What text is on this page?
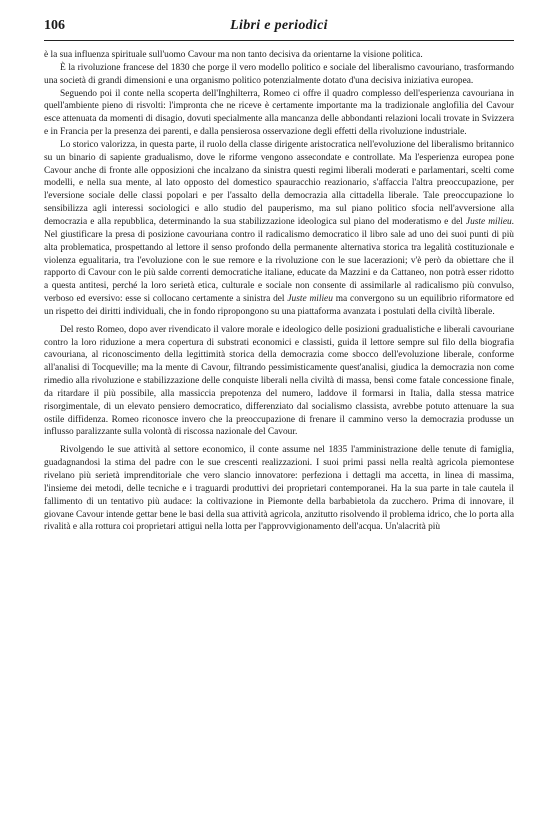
106	Libri e periodici

è la sua influenza spirituale sull'uomo Cavour ma non tanto decisiva da orientarne la visione politica.

È la rivoluzione francese del 1830 che porge il vero modello politico e sociale del liberalismo cavouriano, trasformando una società di grandi dimensioni e una organismo politico potenzialmente dotato d'una decisiva iniziativa europea.

Seguendo poi il conte nella scoperta dell'Inghilterra, Romeo ci offre il quadro complesso dell'esperienza cavouriana in quell'ambiente pieno di risvolti: l'impronta che ne riceve è certamente importante ma la tradizionale anglofilia del Cavour esce attenuata da momenti di disagio, dovuti specialmente alla mancanza delle abbondanti relazioni locali trovate in Svizzera e in Francia per la presenza dei parenti, e dalla pensierosa osservazione degli effetti della rivoluzione industriale.

Lo storico valorizza, in questa parte, il ruolo della classe dirigente aristocratica nell'evoluzione del liberalismo britannico su un binario di sapiente gradualismo, dove le riforme vengono assecondate e controllate. Ma l'esperienza europea pone Cavour anche di fronte alle opposizioni che incalzano da sinistra questi regimi liberali moderati e parlamentari, scelti come modelli, e nella sua mente, al lato opposto del domestico spauracchio reazionario, s'affaccia l'altra preoccupazione, per l'eversione sociale delle classi popolari e per l'assalto della democrazia alla cittadella liberale. Tale preoccupazione lo sensibilizza agli interessi sociologici e allo studio del pauperismo, ma sul piano politico sfocia nell'avversione alla democrazia e alla repubblica, determinando la sua stabilizzazione ideologica sul piano del moderatismo e del Juste milieu. Nel giustificare la presa di posizione cavouriana contro il radicalismo democratico il libro sale ad uno dei suoi punti di più alta problematica, prospettando al lettore il senso profondo della permanente alternativa storica tra legalità costituzionale e violenza egualitaria, tra l'evoluzione con le sue remore e la rivoluzione con le sue lacerazioni; v'è però da obiettare che il rapporto di Cavour con le più salde correnti democratiche italiane, educate da Mazzini e da Cattaneo, non potrà esser ridotto a questa antitesi, perché la loro serietà etica, culturale e sociale non consente di assimilarle al radicalismo più convulso, verboso ed eversivo: esse si collocano certamente a sinistra del Juste milieu ma convergono su un equilibrio riformatore ed un rispetto dei diritti individuali, che in fondo ripropongono su una piattaforma avanzata i postulati della civiltà liberale.

Del resto Romeo, dopo aver rivendicato il valore morale e ideologico delle posizioni gradualistiche e liberali cavouriane contro la loro riduzione a mera copertura di substrati economici e classisti, guida il lettore sempre sul filo della biografia cavouriana, al riconoscimento della legittimità storica della democrazia come sbocco dell'evoluzione liberale, conforme all'analisi di Tocqueville; ma la mente di Cavour, filtrando pessimisticamente quest'analisi, giudica la democrazia non come rimedio alla rivoluzione e stabilizzazione delle conquiste liberali nella civiltà di massa, bensì come fatale concessione finale, da ritardare il più possibile, alla massiccia prepotenza del numero, laddove il formarsi in Italia, dalla stessa matrice risorgimentale, di un elevato pensiero democratico, differenziato dal socialismo classista, avrebbe potuto attenuare la sua ostile diffidenza. Romeo riconosce invero che la preoccupazione di frenare il cammino verso la democrazia produsse un influsso paralizzante sulla volontà di riscossa nazionale del Cavour.

Rivolgendo le sue attività al settore economico, il conte assume nel 1835 l'amministrazione delle tenute di famiglia, guadagnandosi la stima del padre con le sue crescenti realizzazioni. I suoi primi passi nella realtà agricola piemontese rivelano più serietà imprenditoriale che vero slancio innovatore: perfeziona i dettagli ma accetta, in linea di massima, l'insieme dei metodi, delle tecniche e i traguardi produttivi dei proprietari contemporanei. Ha la sua parte in tale cautela il fallimento di un tentativo più audace: la coltivazione in Piemonte della barbabietola da zucchero. Prima di innovare, il giovane Cavour intende gettar bene le basi della sua attività agricola, anzitutto risolvendo il problema idrico, che lo porta alla rivalità e alla rottura coi proprietari attigui nella lotta per l'approvvigionamento dell'acqua. Un'alacrità più
